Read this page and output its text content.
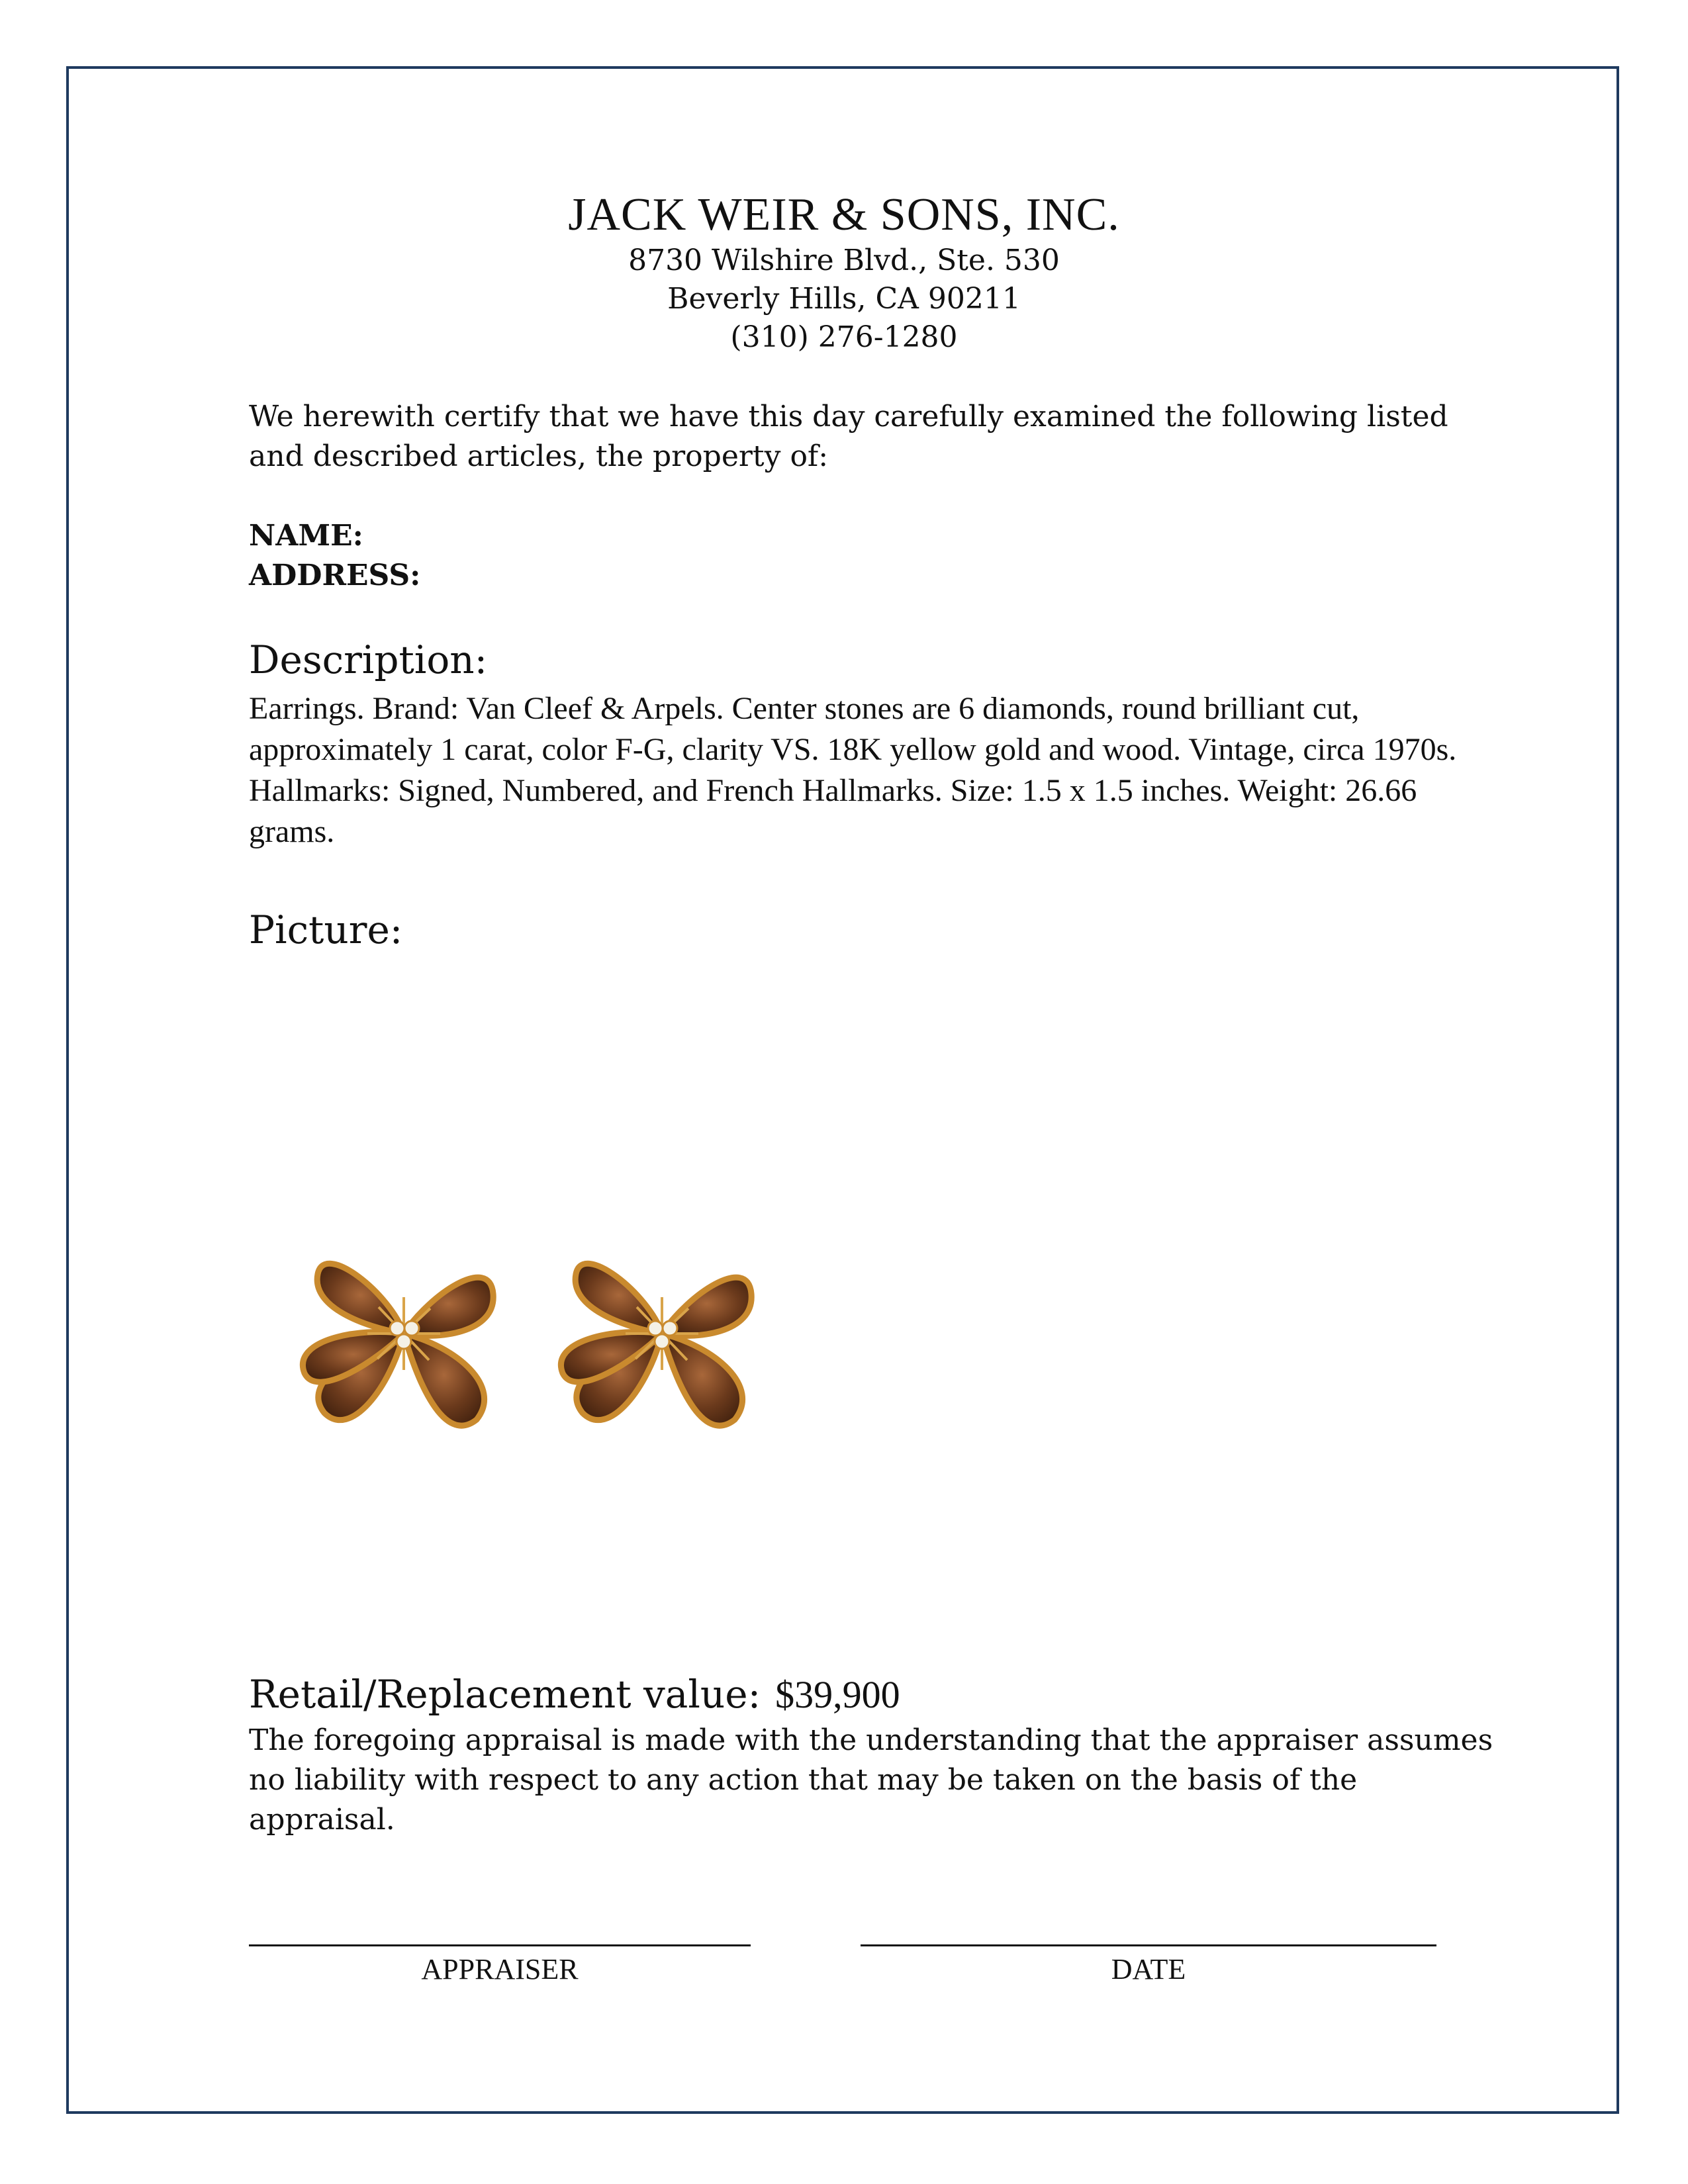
JACK WEIR & SONS, INC.
8730 Wilshire Blvd., Ste. 530
Beverly Hills, CA 90211
(310) 276-1280
We herewith certify that we have this day carefully examined the following listed and described articles, the property of:
NAME:
ADDRESS:
Description:
Earrings. Brand: Van Cleef & Arpels. Center stones are 6 diamonds, round brilliant cut, approximately 1 carat, color F-G, clarity VS. 18K yellow gold and wood. Vintage, circa 1970s. Hallmarks: Signed, Numbered, and French Hallmarks. Size: 1.5 x 1.5 inches. Weight: 26.66 grams.
Picture:
Retail/Replacement value: $39,900
The foregoing appraisal is made with the understanding that the appraiser assumes no liability with respect to any action that may be taken on the basis of the appraisal.
APPRAISER	DATE
